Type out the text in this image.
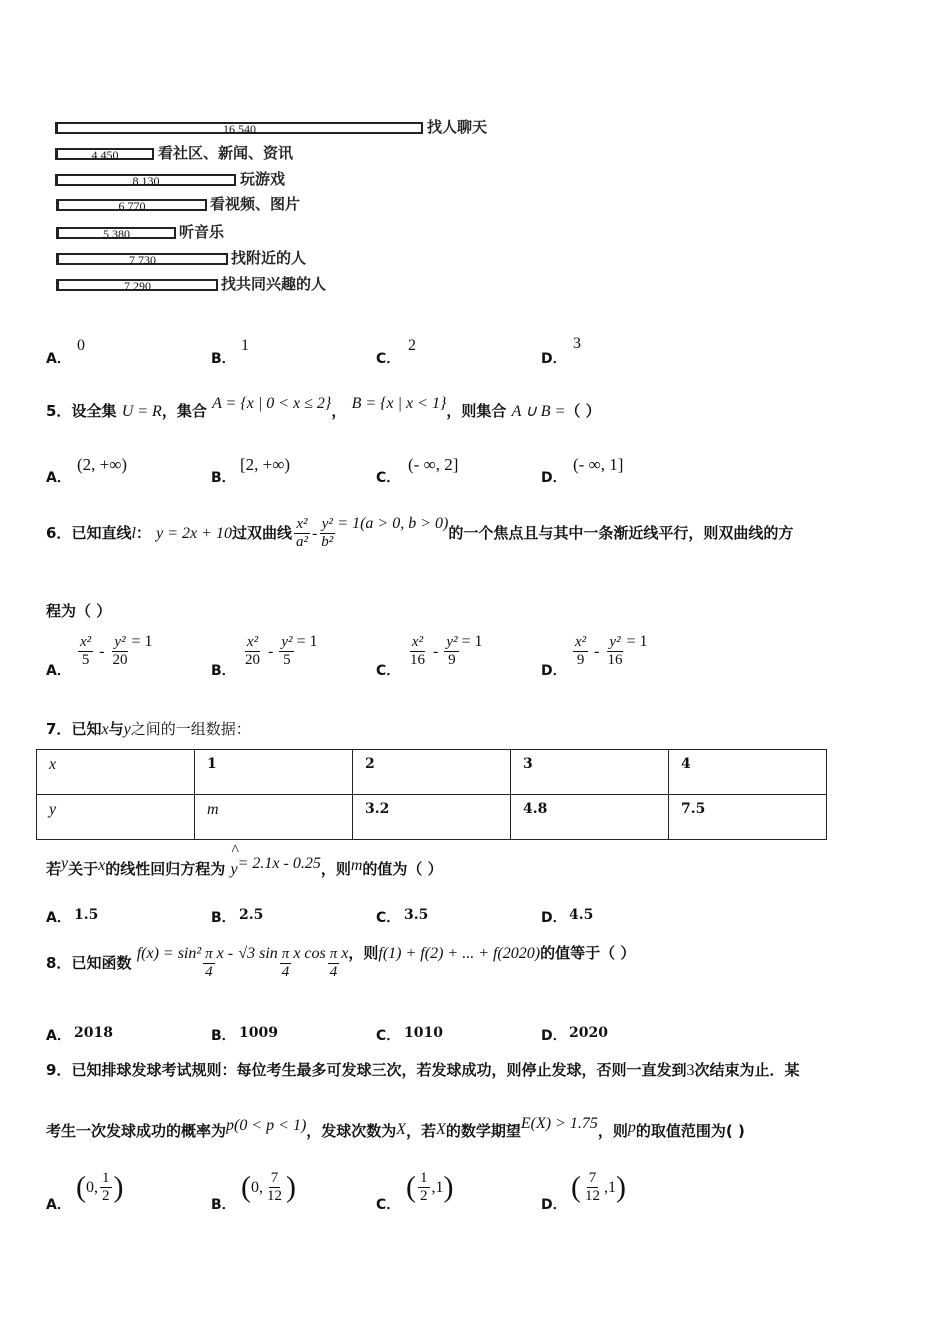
16 540	找人聊天
4 450	看社区、新闻、资讯
8 130	玩游戏
6 770	看视频、图片
5 380	听音乐
7 730	找附近的人
7 290	找共同兴趣的人
A．
0
B．
1
C．
2
D．
3
5．设全集 U = R，集合 A = {x | 0 < x ≤ 2}， B = {x | x < 1}，则集合 A ∪ B =（ ）
A．
(2, +∞)
B．
[2, +∞)
C．
(- ∞, 2]
D．
(- ∞, 1]
6．已知直线l： y = 2x + 10过双曲线 $\frac{\text{x²}}{\text{a²}} - \frac{\text{y²}}{\text{b²}} = 1(a > 0$, b > 0)的一个焦点且与其中一条渐近线平行，则双曲线的方
程为（ ）
A．
$\frac{\text{x²}}{5} - \frac{\text{y²}}{20} = 1$
B．
$\frac{\text{x²}}{20} - \frac{\text{y²}}{5} = 1$
C．
$\frac{\text{x²}}{16} - \frac{\text{y²}}{9} = 1$
D．
$\frac{\text{x²}}{9} - \frac{\text{y²}}{16} = 1$
7．已知x与y之间的一组数据：
x	1	2	3	4
y	m	3.2	4.8	7.5
若y关于x的线性回归方程为
^
y= 2.1x - 0.25，则m的值为（ ）
A． 1.5	B． 2.5	C． 3.5	D． 4.5
8．已知函数 $f(x) = \sin^2 \frac{\pi}{4}$ x - √3 $\sin \frac{\pi}{4}$ x $\cos \frac{\pi}{4}$ x，则f(1) + f(2) + ... + f(2020)的值等于（ ）
A． 2018	B． 1009	C． 1010	D． 2020
9．已知排球发球考试规则：每位考生最多可发球三次，若发球成功，则停止发球，否则一直发到3次结束为止．某
考生一次发球成功的概率为p(0 < p < 1)，发球次数为X，若X的数学期望E(X) > 1.75，则p的取值范围为( )
A．
(0, $\frac{1}{2}$ )
B．
(0, $\frac{7}{12}$ )
C．
( $\frac{1}{2} ,1$)
D．
( $\frac{7}{12} ,1$)
